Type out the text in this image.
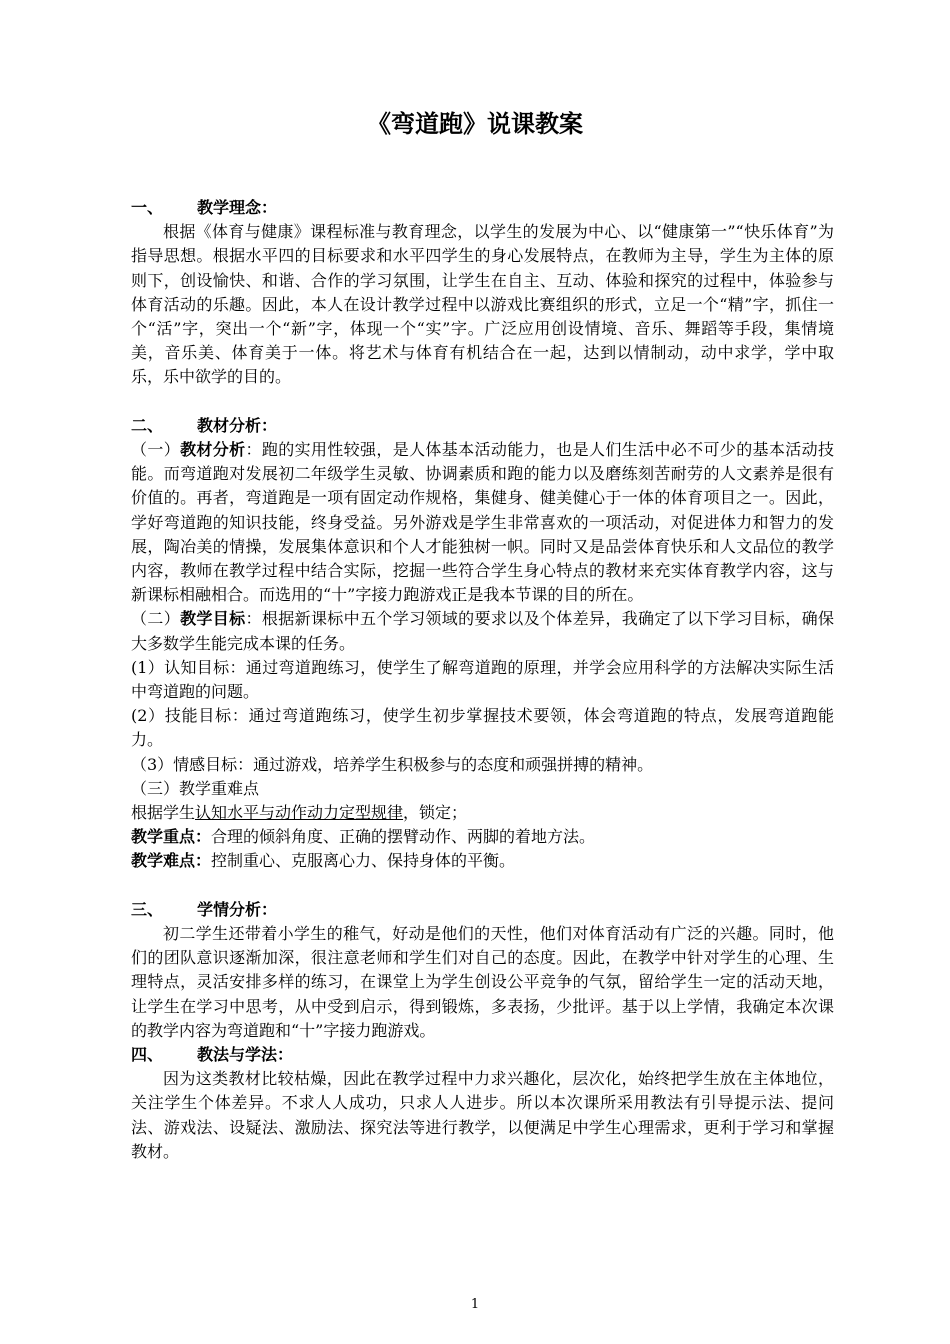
《弯道跑》说课教案

一、 教学理念：

根据《体育与健康》课程标准与教育理念，以学生的发展为中心、以“健康第一”“快乐体育”为指导思想。根据水平四的目标要求和水平四学生的身心发展特点，在教师为主导，学生为主体的原则下，创设愉快、和谐、合作的学习氛围，让学生在自主、互动、体验和探究的过程中，体验参与体育活动的乐趣。因此，本人在设计教学过程中以游戏比赛组织的形式，立足一个“精”字，抓住一个“活”字，突出一个“新”字，体现一个“实”字。广泛应用创设情境、音乐、舞蹈等手段，集情境美，音乐美、体育美于一体。将艺术与体育有机结合在一起，达到以情制动，动中求学，学中取乐，乐中欲学的目的。

二、 教材分析：

（一）教材分析：跑的实用性较强，是人体基本活动能力，也是人们生活中必不可少的基本活动技能。而弯道跑对发展初二年级学生灵敏、协调素质和跑的能力以及磨练刻苦耐劳的人文素养是很有价值的。再者，弯道跑是一项有固定动作规格，集健身、健美健心于一体的体育项目之一。因此，学好弯道跑的知识技能，终身受益。另外游戏是学生非常喜欢的一项活动，对促进体力和智力的发展，陶冶美的情操，发展集体意识和个人才能独树一帜。同时又是品尝体育快乐和人文品位的教学内容，教师在教学过程中结合实际，挖掘一些符合学生身心特点的教材来充实体育教学内容，这与新课标相融相合。而选用的“十”字接力跑游戏正是我本节课的目的所在。

（二）教学目标：根据新课标中五个学习领域的要求以及个体差异，我确定了以下学习目标，确保大多数学生能完成本课的任务。

(1）认知目标：通过弯道跑练习，使学生了解弯道跑的原理，并学会应用科学的方法解决实际生活中弯道跑的问题。

(2）技能目标：通过弯道跑练习，使学生初步掌握技术要领，体会弯道跑的特点，发展弯道跑能力。

（3）情感目标：通过游戏，培养学生积极参与的态度和顽强拼搏的精神。

（三）教学重难点

根据学生认知水平与动作动力定型规律，锁定；

教学重点：合理的倾斜角度、正确的摆臂动作、两脚的着地方法。

教学难点：控制重心、克服离心力、保持身体的平衡。

三、 学情分析：

初二学生还带着小学生的稚气，好动是他们的天性，他们对体育活动有广泛的兴趣。同时，他们的团队意识逐渐加深，很注意老师和学生们对自己的态度。因此，在教学中针对学生的心理、生理特点，灵活安排多样的练习，在课堂上为学生创设公平竞争的气氛，留给学生一定的活动天地，让学生在学习中思考，从中受到启示，得到锻炼，多表扬，少批评。基于以上学情，我确定本次课的教学内容为弯道跑和“十”字接力跑游戏。

四、 教法与学法：

因为这类教材比较枯燥，因此在教学过程中力求兴趣化，层次化，始终把学生放在主体地位，关注学生个体差异。不求人人成功，只求人人进步。所以本次课所采用教法有引导提示法、提问法、游戏法、设疑法、激励法、探究法等进行教学，以便满足中学生心理需求，更利于学习和掌握教材。

1
